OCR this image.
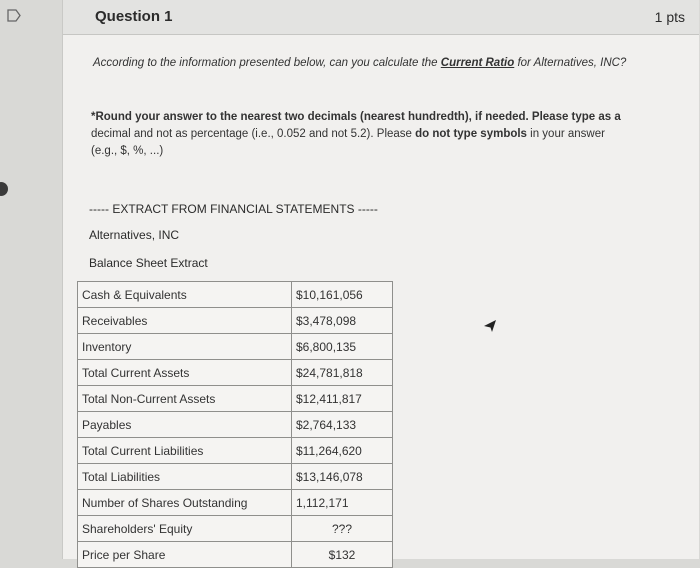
Question 1	1 pts
According to the information presented below, can you calculate the Current Ratio for Alternatives, INC?
*Round your answer to the nearest two decimals (nearest hundredth), if needed. Please type as a
decimal and not as percentage (i.e., 0.052 and not 5.2). Please do not type symbols in your answer
(e.g., $, %, ...)
----- EXTRACT FROM FINANCIAL STATEMENTS -----
Alternatives, INC
Balance Sheet Extract
Cash & Equivalents	$10,161,056
Receivables	$3,478,098
Inventory	$6,800,135
Total Current Assets	$24,781,818
Total Non-Current Assets	$12,411,817
Payables	$2,764,133
Total Current Liabilities	$11,264,620
Total Liabilities	$13,146,078
Number of Shares Outstanding	1,112,171
Shareholders' Equity	???
Price per Share	$132
